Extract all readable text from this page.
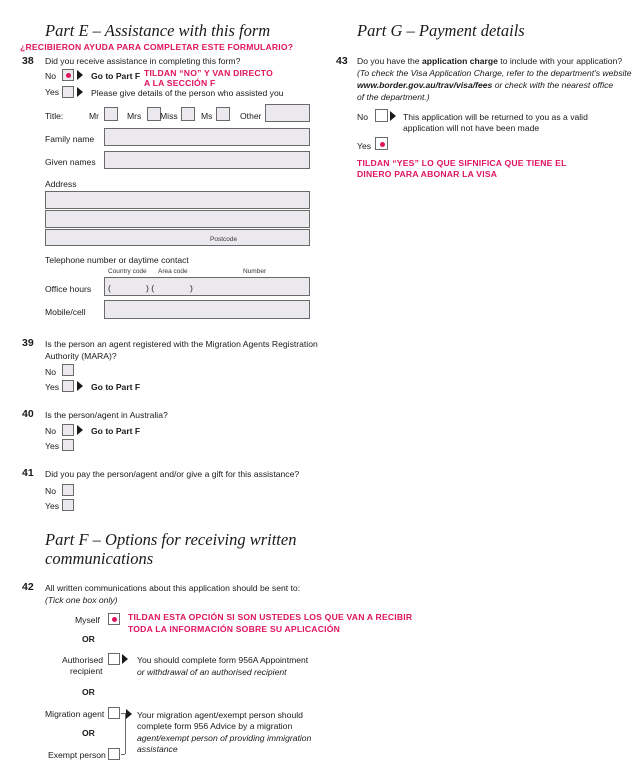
Part E – Assistance with this form
¿RECIBIERON AYUDA PARA COMPLETAR ESTE FORMULARIO?
38 Did you receive assistance in completing this form?
No	Go to Part F TILDAN “NO” Y VAN DIRECTO
A LA SECCIÓN F
Yes	Please give details of the person who assisted you
Title:	Mr	Mrs Miss	Ms	Other
Family name
Given names
Address
Postcode
Telephone number or daytime contact
Country code Area code	Number
Office hours (	) (	)
Mobile/cell
39 Is the person an agent registered with the Migration Agents Registration
Authority (MARA)?
No
Yes	Go to Part F
40 Is the person/agent in Australia?
No	Go to Part F
Yes
41 Did you pay the person/agent and/or give a gift for this assistance?
No
Yes
Part F – Options for receiving written
communications
42 All written communications about this application should be sent to:
(Tick one box only)
Myself	TILDAN ESTA OPCIÓN SI SON USTEDES LOS QUE VAN A RECIBIR
TODA LA INFORMACIÓN SOBRE SU APLICACIÓN
OR
Authorised
recipient
You should complete form 956A Appointment
or withdrawal of an authorised recipient
OR
Migration agent
OR
Exempt person
Your migration agent/exempt person should
complete form 956 Advice by a migration
agent/exempt person of providing immigration
assistance
Part G – Payment details
43 Do you have the application charge to include with your application?
(To check the Visa Application Charge, refer to the department's website
www.border.gov.au/trav/visa/fees or check with the nearest office
of the department.)
No	This application will be returned to you as a valid
application will not have been made
Yes
TILDAN “YES” LO QUE SIFNIFICA QUE TIENE EL
DINERO PARA ABONAR LA VISA
